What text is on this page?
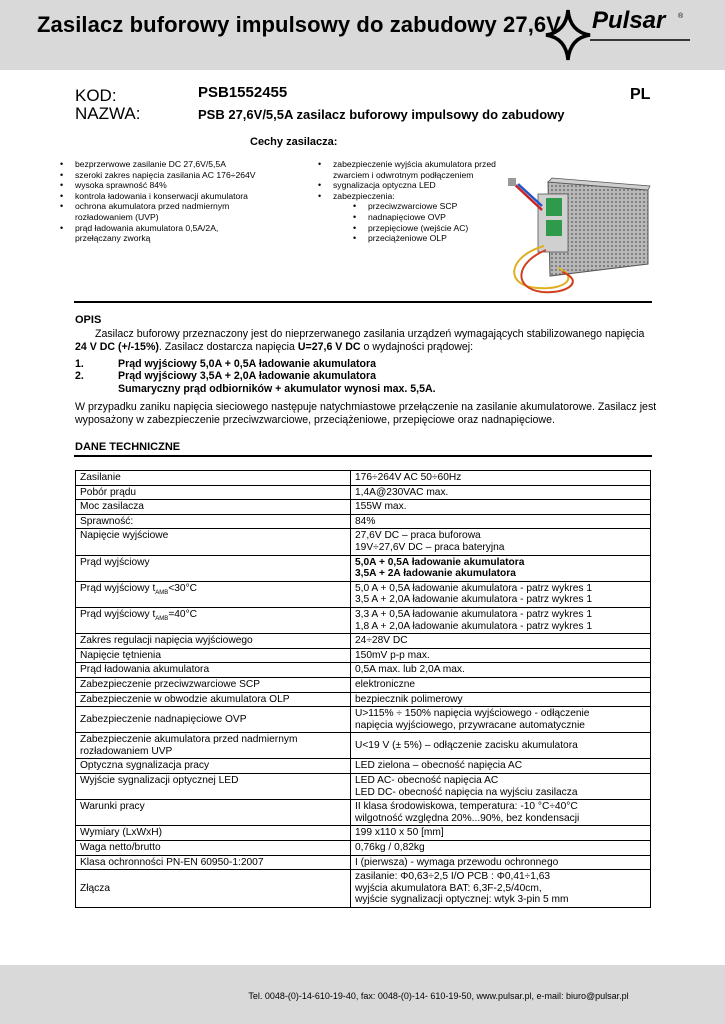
Zasilacz buforowy impulsowy do zabudowy 27,6V Pulsar ®
KOD:
NAZWA:
PSB1552455
PSB 27,6V/5,5A zasilacz buforowy impulsowy do zabudowy
PL
Cechy zasilacza:
• bezprzerwowe zasilanie DC 27,6V/5,5A
• szeroki zakres napięcia zasilania AC 176÷264V
• wysoka sprawność 84%
• kontrola ładowania i konserwacji akumulatora
• ochrona akumulatora przed nadmiernym rozładowaniem (UVP)
• prąd ładowania akumulatora 0,5A/2A, przełączany zworką
• zabezpieczenie wyjścia akumulatora przed zwarciem i odwrotnym podłączeniem
• sygnalizacja optyczna LED
• zabezpieczenia:
• przeciwzwarciowe SCP
• nadnapięciowe OVP
• przepięciowe (wejście AC)
• przeciążeniowe OLP
OPIS
Zasilacz buforowy przeznaczony jest do nieprzerwanego zasilania urządzeń wymagających stabilizowanego napięcia 24 V DC (+/-15%). Zasilacz dostarcza napięcia U=27,6 V DC o wydajności prądowej:
1.	Prąd wyjściowy 5,0A + 0,5A ładowanie akumulatora
2.	Prąd wyjściowy 3,5A + 2,0A ładowanie akumulatora
Sumaryczny prąd odbiorników + akumulator wynosi max. 5,5A.
W przypadku zaniku napięcia sieciowego następuje natychmiastowe przełączenie na zasilanie akumulatorowe. Zasilacz jest wyposażony w zabezpieczenie przeciwzwarciowe, przeciążeniowe, przepięciowe oraz nadnapięciowe.
DANE TECHNICZNE
Zasilanie	176÷264V AC 50÷60Hz

Pobór prądu	1,4A@230VAC max.

Moc zasilacza	155W max.

Sprawność:	84%

Napięcie wyjściowe	27,6V DC – praca buforowa
19V÷27,6V DC – praca bateryjna

Prąd wyjściowy	5,0A + 0,5A ładowanie akumulatora
3,5A + 2A ładowanie akumulatora

Prąd wyjściowy $t_{AMB}<30^\circ C$	5,0 A + 0,5A ładowanie akumulatora - patrz wykres 1
3,5 A + 2,0A ładowanie akumulatora - patrz wykres 1

Prąd wyjściowy $t_{AMB}=40^\circ C$	3,3 A + 0,5A ładowanie akumulatora - patrz wykres 1
1,8 A + 2,0A ładowanie akumulatora - patrz wykres 1

Zakres regulacji napięcia wyjściowego	24÷28V DC

Napięcie tętnienia	150mV p-p max.

Prąd ładowania akumulatora	0,5A max. lub 2,0A max.

Zabezpieczenie przeciwzwarciowe SCP	elektroniczne

Zabezpieczenie w obwodzie akumulatora OLP	bezpiecznik polimerowy

Zabezpieczenie nadnapięciowe OVP	U>115% ÷ 150% napięcia wyjściowego - odłączenie
napięcia wyjściowego, przywracane automatycznie

Zabezpieczenie akumulatora przed nadmiernym rozładowaniem UVP	U<19 V (± 5%) – odłączenie zacisku akumulatora

Optyczna sygnalizacja pracy	LED zielona – obecność napięcia AC

Wyjście sygnalizacji optycznej LED	LED AC- obecność napięcia AC
LED DC- obecność napięcia na wyjściu zasilacza

Warunki pracy	II klasa środowiskowa, temperatura: -10 °C÷40°C
wilgotność względna 20%...90%, bez kondensacji

Wymiary (LxWxH)	199 x110 x 50 [mm]

Waga netto/brutto	0,76kg / 0,82kg

Klasa ochronności PN-EN 60950-1:2007	I (pierwsza) - wymaga przewodu ochronnego

Złącza	zasilanie: Φ0,63÷2,5 I/O PCB : Φ0,41÷1,63
wyjścia akumulatora BAT: 6,3F-2,5/40cm,
wyjście sygnalizacji optycznej: wtyk 3-pin 5 mm
Tel. 0048-(0)-14-610-19-40, fax: 0048-(0)-14- 610-19-50, www.pulsar.pl, e-mail: biuro@pulsar.pl
